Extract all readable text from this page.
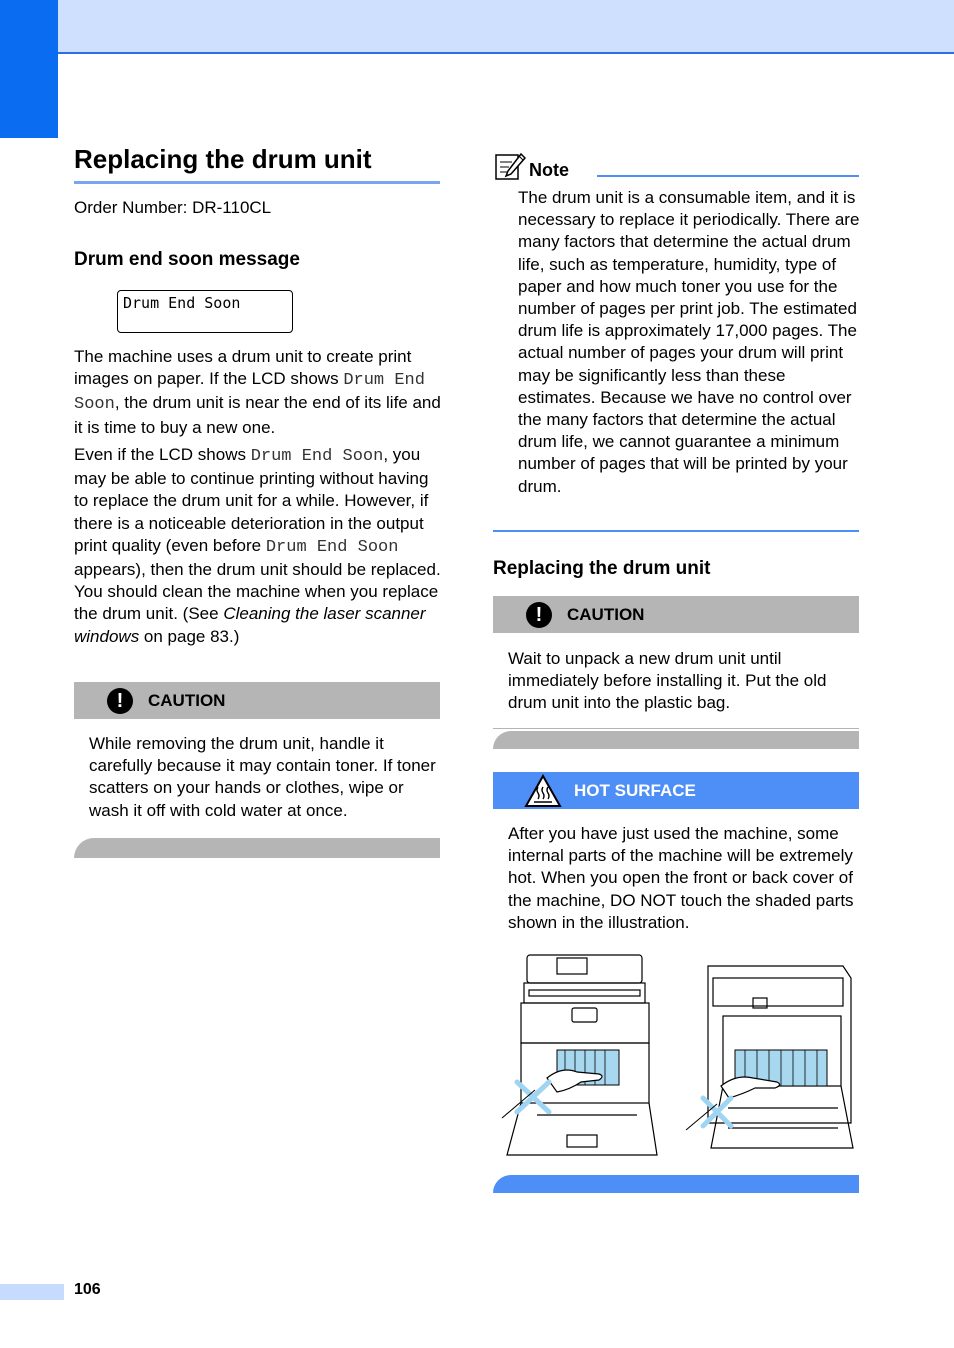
Replacing the drum unit
Order Number: DR-110CL
Drum end soon message
Drum End Soon
The machine uses a drum unit to create print images on paper. If the LCD shows Drum End Soon, the drum unit is near the end of its life and it is time to buy a new one.
Even if the LCD shows Drum End Soon, you may be able to continue printing without having to replace the drum unit for a while. However, if there is a noticeable deterioration in the output print quality (even before Drum End Soon appears), then the drum unit should be replaced. You should clean the machine when you replace the drum unit. (See Cleaning the laser scanner windows on page 83.)
!	CAUTION
While removing the drum unit, handle it carefully because it may contain toner. If toner scatters on your hands or clothes, wipe or wash it off with cold water at once.
Note
The drum unit is a consumable item, and it is necessary to replace it periodically. There are many factors that determine the actual drum life, such as temperature, humidity, type of paper and how much toner you use for the number of pages per print job. The estimated drum life is approximately 17,000 pages. The actual number of pages your drum will print may be significantly less than these estimates. Because we have no control over the many factors that determine the actual drum life, we cannot guarantee a minimum number of pages that will be printed by your drum.
Replacing the drum unit
!	CAUTION
Wait to unpack a new drum unit until immediately before installing it. Put the old drum unit into the plastic bag.
HOT SURFACE
After you have just used the machine, some internal parts of the machine will be extremely hot. When you open the front or back cover of the machine, DO NOT touch the shaded parts shown in the illustration.
106
